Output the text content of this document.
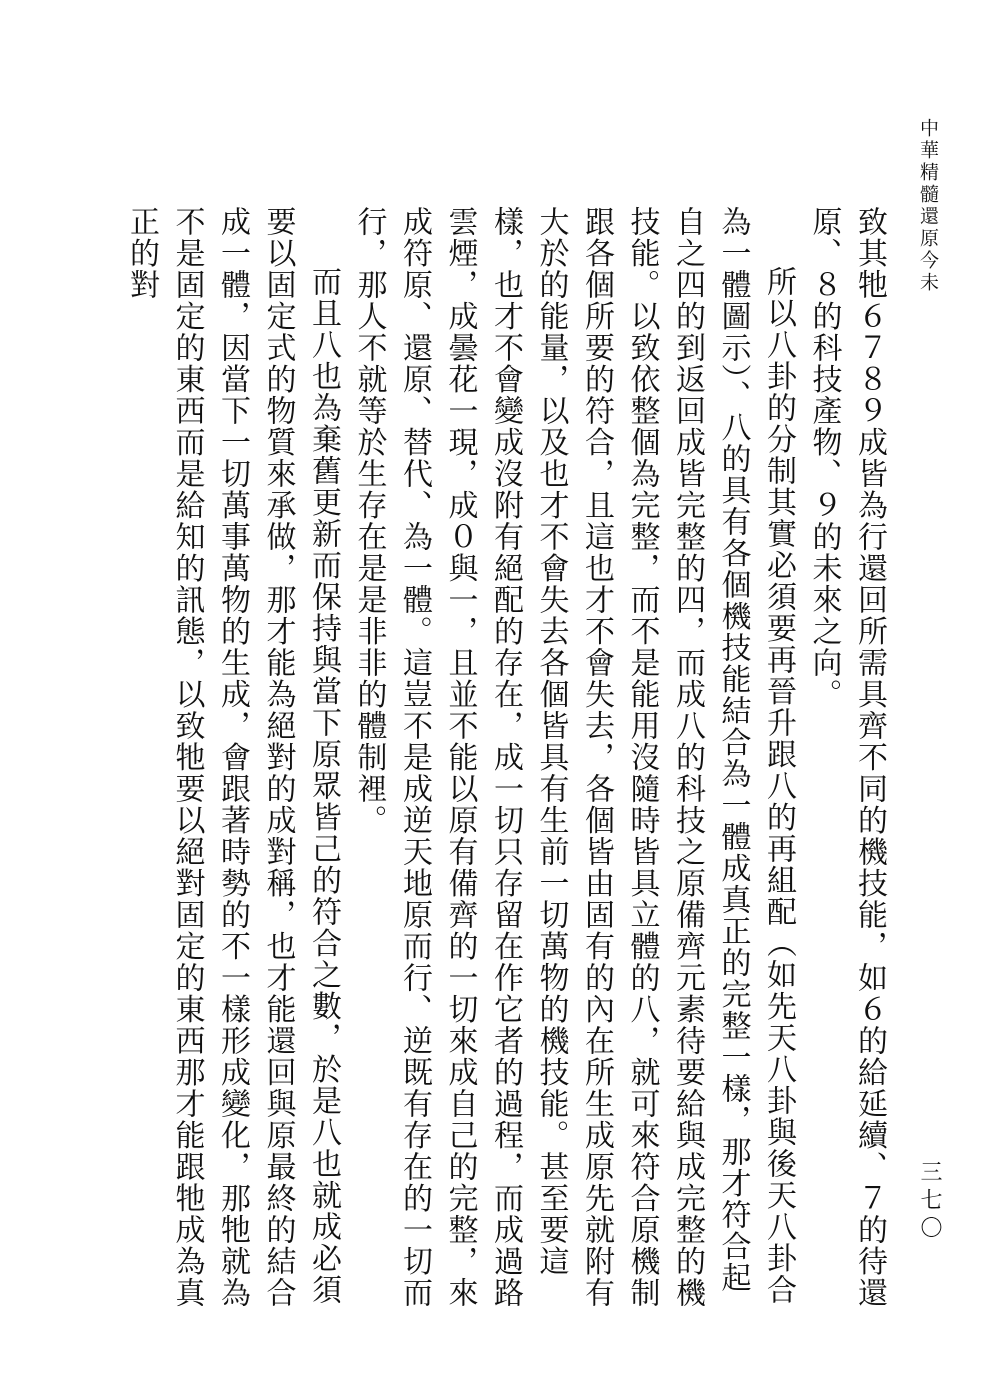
中華精髓還原今未
三七〇

致其牠６７８９成皆為行還回所需具齊不同的機技能，如６的給延續、７的待還原、８的科技產物、９的未來之向。

所以八卦的分制其實必須要再晉升跟八的再組配（如先天八卦與後天八卦合為一體圖示）、八的具有各個機技能結合為一體成真正的完整一樣，那才符合起自之四的到返回成皆完整的四，而成八的科技之原備齊元素待要給與成完整的機技能。以致依整個為完整，而不是能用沒隨時皆具立體的八，就可來符合原機制跟各個所要的符合，且這也才不會失去，各個皆由固有的內在所生成原先就附有大於的能量，以及也才不會失去各個皆具有生前一切萬物的機技能。甚至要這樣，也才不會變成沒附有絕配的存在，成一切只存留在作它者的過程，而成過路雲煙，成曇花一現，成０與一，且並不能以原有備齊的一切來成自己的完整，來成符原、還原、替代、為一體。這豈不是成逆天地原而行、逆既有存在的一切而行，那人不就等於生存在是是非非的體制裡。

而且八也為棄舊更新而保持與當下原眾皆己的符合之數，於是八也就成必須要以固定式的物質來承做，那才能為絕對的成對稱，也才能還回與原最終的結合成一體，因當下一切萬事萬物的生成，會跟著時勢的不一樣形成變化，那牠就為不是固定的東西而是給知的訊態，以致牠要以絕對固定的東西那才能跟牠成為真正的對
